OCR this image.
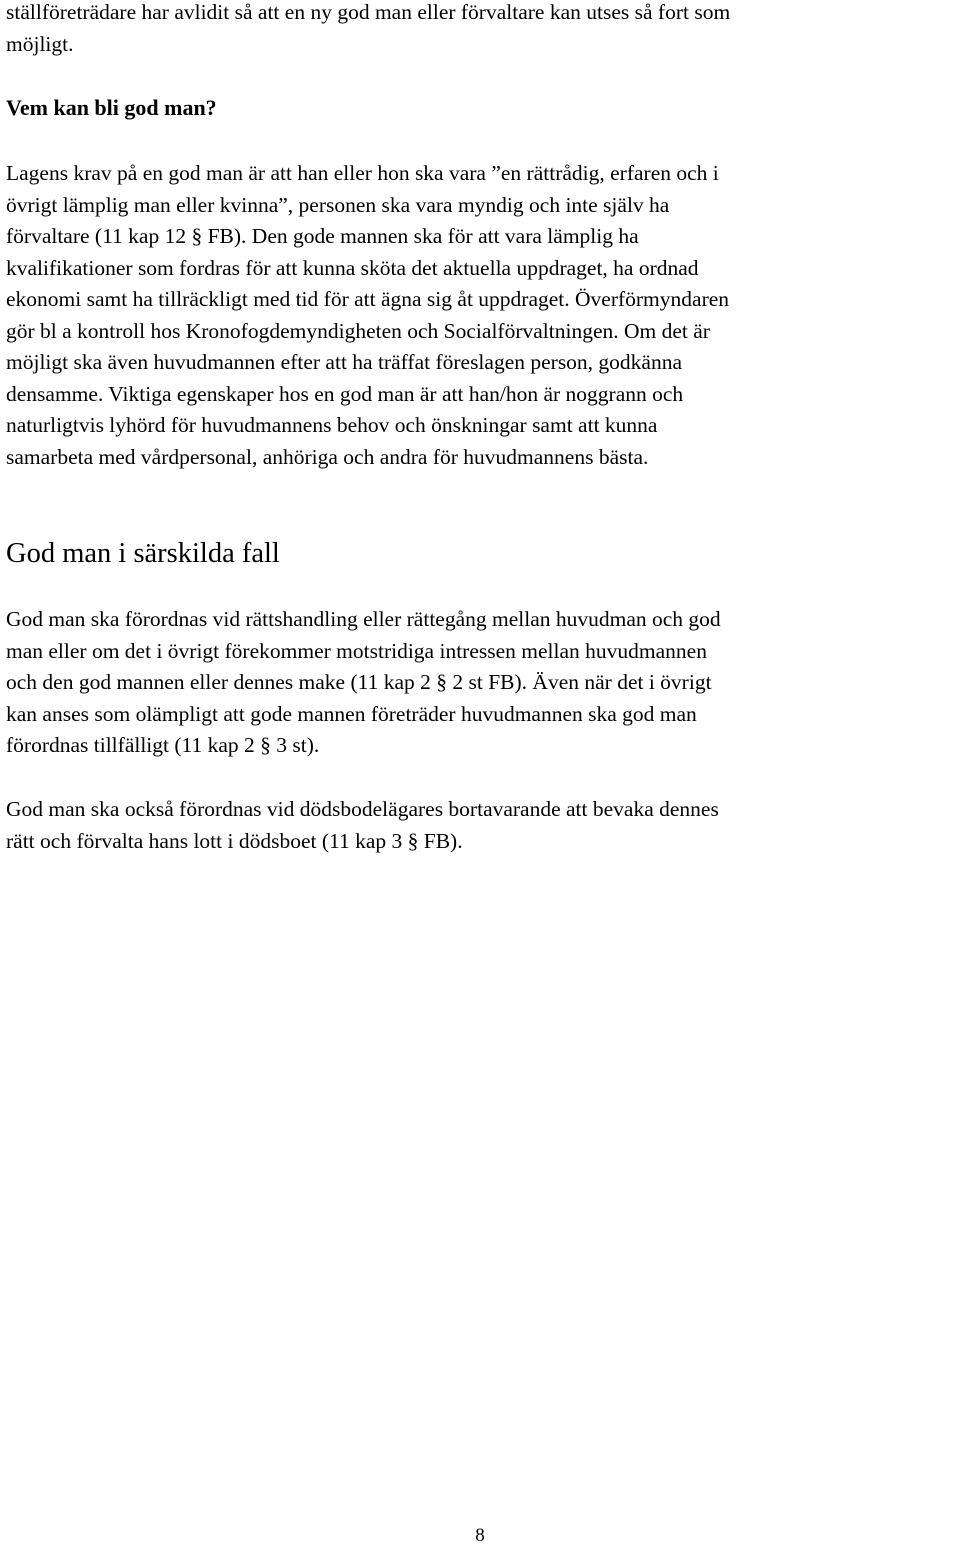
ställföreträdare har avlidit så att en ny god man eller förvaltare kan utses så fort som
möjligt.

Vem kan bli god man?

Lagens krav på en god man är att han eller hon ska vara ”en rättrådig, erfaren och i
övrigt lämplig man eller kvinna”, personen ska vara myndig och inte själv ha
förvaltare (11 kap 12 § FB). Den gode mannen ska för att vara lämplig ha
kvalifikationer som fordras för att kunna sköta det aktuella uppdraget, ha ordnad
ekonomi samt ha tillräckligt med tid för att ägna sig åt uppdraget. Överförmyndaren
gör bl a kontroll hos Kronofogdemyndigheten och Socialförvaltningen. Om det är
möjligt ska även huvudmannen efter att ha träffat föreslagen person, godkänna
densamme. Viktiga egenskaper hos en god man är att han/hon är noggrann och
naturligtvis lyhörd för huvudmannens behov och önskningar samt att kunna
samarbeta med vårdpersonal, anhöriga och andra för huvudmannens bästa.

God man i särskilda fall

God man ska förordnas vid rättshandling eller rättegång mellan huvudman och god
man eller om det i övrigt förekommer motstridiga intressen mellan huvudmannen
och den god mannen eller dennes make (11 kap 2 § 2 st FB). Även när det i övrigt
kan anses som olämpligt att gode mannen företräder huvudmannen ska god man
förordnas tillfälligt (11 kap 2 § 3 st).

God man ska också förordnas vid dödsbodelägares bortavarande att bevaka dennes
rätt och förvalta hans lott i dödsboet (11 kap 3 § FB).

8
